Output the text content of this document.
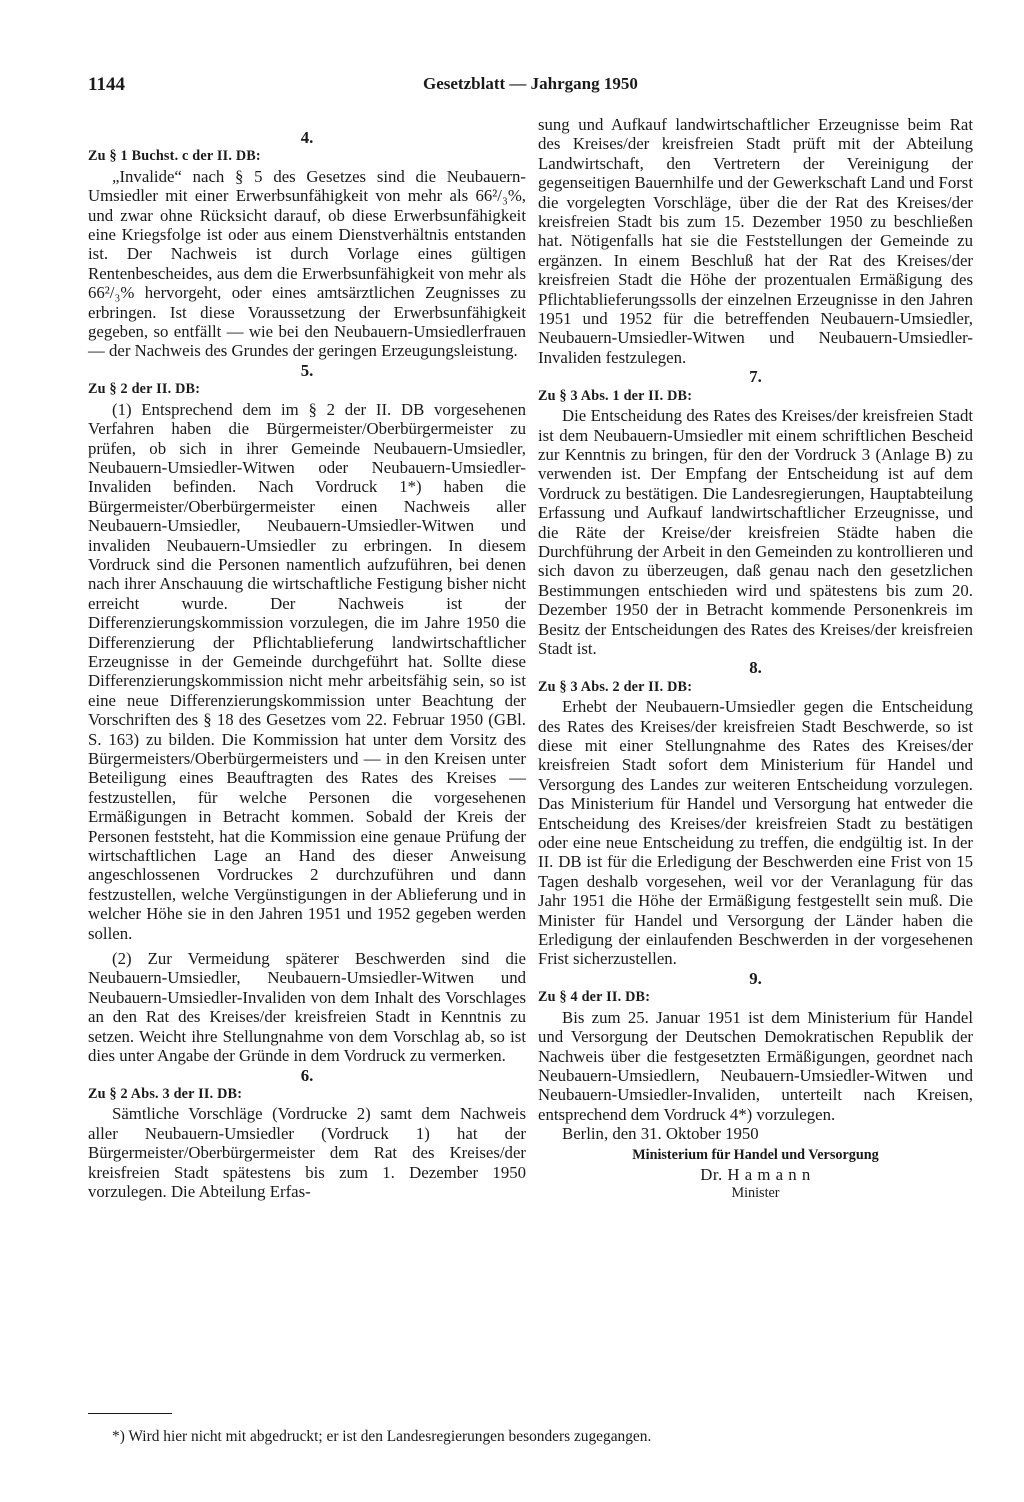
1144	Gesetzblatt — Jahrgang 1950

4.

Zu § 1 Buchst. c der II. DB:

„Invalide“ nach § 5 des Gesetzes sind die Neubauern-Umsiedler mit einer Erwerbsunfähigkeit von mehr als 66²/₃%, und zwar ohne Rücksicht darauf, ob diese Erwerbsunfähigkeit eine Kriegsfolge ist oder aus einem Dienstverhältnis entstanden ist. Der Nachweis ist durch Vorlage eines gültigen Rentenbescheides, aus dem die Erwerbsunfähigkeit von mehr als 66²/₃% hervorgeht, oder eines amtsärztlichen Zeugnisses zu erbringen. Ist diese Voraussetzung der Erwerbsunfähigkeit gegeben, so entfällt — wie bei den Neubauern-Umsiedlerfrauen — der Nachweis des Grundes der geringen Erzeugungsleistung.

5.

Zu § 2 der II. DB:

(1) Entsprechend dem im § 2 der II. DB vorgesehenen Verfahren haben die Bürgermeister/Oberbürgermeister zu prüfen, ob sich in ihrer Gemeinde Neubauern-Umsiedler, Neubauern-Umsiedler-Witwen oder Neubauern-Umsiedler-Invaliden befinden. Nach Vordruck 1*) haben die Bürgermeister/Oberbürgermeister einen Nachweis aller Neubauern-Umsiedler, Neubauern-Umsiedler-Witwen und invaliden Neubauern-Umsiedler zu erbringen. In diesem Vordruck sind die Personen namentlich aufzuführen, bei denen nach ihrer Anschauung die wirtschaftliche Festigung bisher nicht erreicht wurde. Der Nachweis ist der Differenzierungskommission vorzulegen, die im Jahre 1950 die Differenzierung der Pflichtablieferung landwirtschaftlicher Erzeugnisse in der Gemeinde durchgeführt hat. Sollte diese Differenzierungskommission nicht mehr arbeitsfähig sein, so ist eine neue Differenzierungskommission unter Beachtung der Vorschriften des § 18 des Gesetzes vom 22. Februar 1950 (GBl. S. 163) zu bilden. Die Kommission hat unter dem Vorsitz des Bürgermeisters/Oberbürgermeisters und — in den Kreisen unter Beteiligung eines Beauftragten des Rates des Kreises — festzustellen, für welche Personen die vorgesehenen Ermäßigungen in Betracht kommen. Sobald der Kreis der Personen feststeht, hat die Kommission eine genaue Prüfung der wirtschaftlichen Lage an Hand des dieser Anweisung angeschlossenen Vordruckes 2 durchzuführen und dann festzustellen, welche Vergünstigungen in der Ablieferung und in welcher Höhe sie in den Jahren 1951 und 1952 gegeben werden sollen.

(2) Zur Vermeidung späterer Beschwerden sind die Neubauern-Umsiedler, Neubauern-Umsiedler-Witwen und Neubauern-Umsiedler-Invaliden von dem Inhalt des Vorschlages an den Rat des Kreises/der kreisfreien Stadt in Kenntnis zu setzen. Weicht ihre Stellungnahme von dem Vorschlag ab, so ist dies unter Angabe der Gründe in dem Vordruck zu vermerken.

6.

Zu § 2 Abs. 3 der II. DB:

Sämtliche Vorschläge (Vordrucke 2) samt dem Nachweis aller Neubauern-Umsiedler (Vordruck 1) hat der Bürgermeister/Oberbürgermeister dem Rat des Kreises/der kreisfreien Stadt spätestens bis zum 1. Dezember 1950 vorzulegen. Die Abteilung Erfas-

sung und Aufkauf landwirtschaftlicher Erzeugnisse beim Rat des Kreises/der kreisfreien Stadt prüft mit der Abteilung Landwirtschaft, den Vertretern der Vereinigung der gegenseitigen Bauernhilfe und der Gewerkschaft Land und Forst die vorgelegten Vorschläge, über die der Rat des Kreises/der kreisfreien Stadt bis zum 15. Dezember 1950 zu beschließen hat. Nötigenfalls hat sie die Feststellungen der Gemeinde zu ergänzen. In einem Beschluß hat der Rat des Kreises/der kreisfreien Stadt die Höhe der prozentualen Ermäßigung des Pflichtablieferungssolls der einzelnen Erzeugnisse in den Jahren 1951 und 1952 für die betreffenden Neubauern-Umsiedler, Neubauern-Umsiedler-Witwen und Neubauern-Umsiedler-Invaliden festzulegen.

7.

Zu § 3 Abs. 1 der II. DB:

Die Entscheidung des Rates des Kreises/der kreisfreien Stadt ist dem Neubauern-Umsiedler mit einem schriftlichen Bescheid zur Kenntnis zu bringen, für den der Vordruck 3 (Anlage B) zu verwenden ist. Der Empfang der Entscheidung ist auf dem Vordruck zu bestätigen. Die Landesregierungen, Hauptabteilung Erfassung und Aufkauf landwirtschaftlicher Erzeugnisse, und die Räte der Kreise/der kreisfreien Städte haben die Durchführung der Arbeit in den Gemeinden zu kontrollieren und sich davon zu überzeugen, daß genau nach den gesetzlichen Bestimmungen entschieden wird und spätestens bis zum 20. Dezember 1950 der in Betracht kommende Personenkreis im Besitz der Entscheidungen des Rates des Kreises/der kreisfreien Stadt ist.

8.

Zu § 3 Abs. 2 der II. DB:

Erhebt der Neubauern-Umsiedler gegen die Entscheidung des Rates des Kreises/der kreisfreien Stadt Beschwerde, so ist diese mit einer Stellungnahme des Rates des Kreises/der kreisfreien Stadt sofort dem Ministerium für Handel und Versorgung des Landes zur weiteren Entscheidung vorzulegen. Das Ministerium für Handel und Versorgung hat entweder die Entscheidung des Kreises/der kreisfreien Stadt zu bestätigen oder eine neue Entscheidung zu treffen, die endgültig ist. In der II. DB ist für die Erledigung der Beschwerden eine Frist von 15 Tagen deshalb vorgesehen, weil vor der Veranlagung für das Jahr 1951 die Höhe der Ermäßigung festgestellt sein muß. Die Minister für Handel und Versorgung der Länder haben die Erledigung der einlaufenden Beschwerden in der vorgesehenen Frist sicherzustellen.

9.

Zu § 4 der II. DB:

Bis zum 25. Januar 1951 ist dem Ministerium für Handel und Versorgung der Deutschen Demokratischen Republik der Nachweis über die festgesetzten Ermäßigungen, geordnet nach Neubauern-Umsiedlern, Neubauern-Umsiedler-Witwen und Neubauern-Umsiedler-Invaliden, unterteilt nach Kreisen, entsprechend dem Vordruck 4*) vorzulegen.

Berlin, den 31. Oktober 1950

Ministerium für Handel und Versorgung

Dr. H a m a n n

Minister

*) Wird hier nicht mit abgedruckt; er ist den Landesregierungen besonders zugegangen.
